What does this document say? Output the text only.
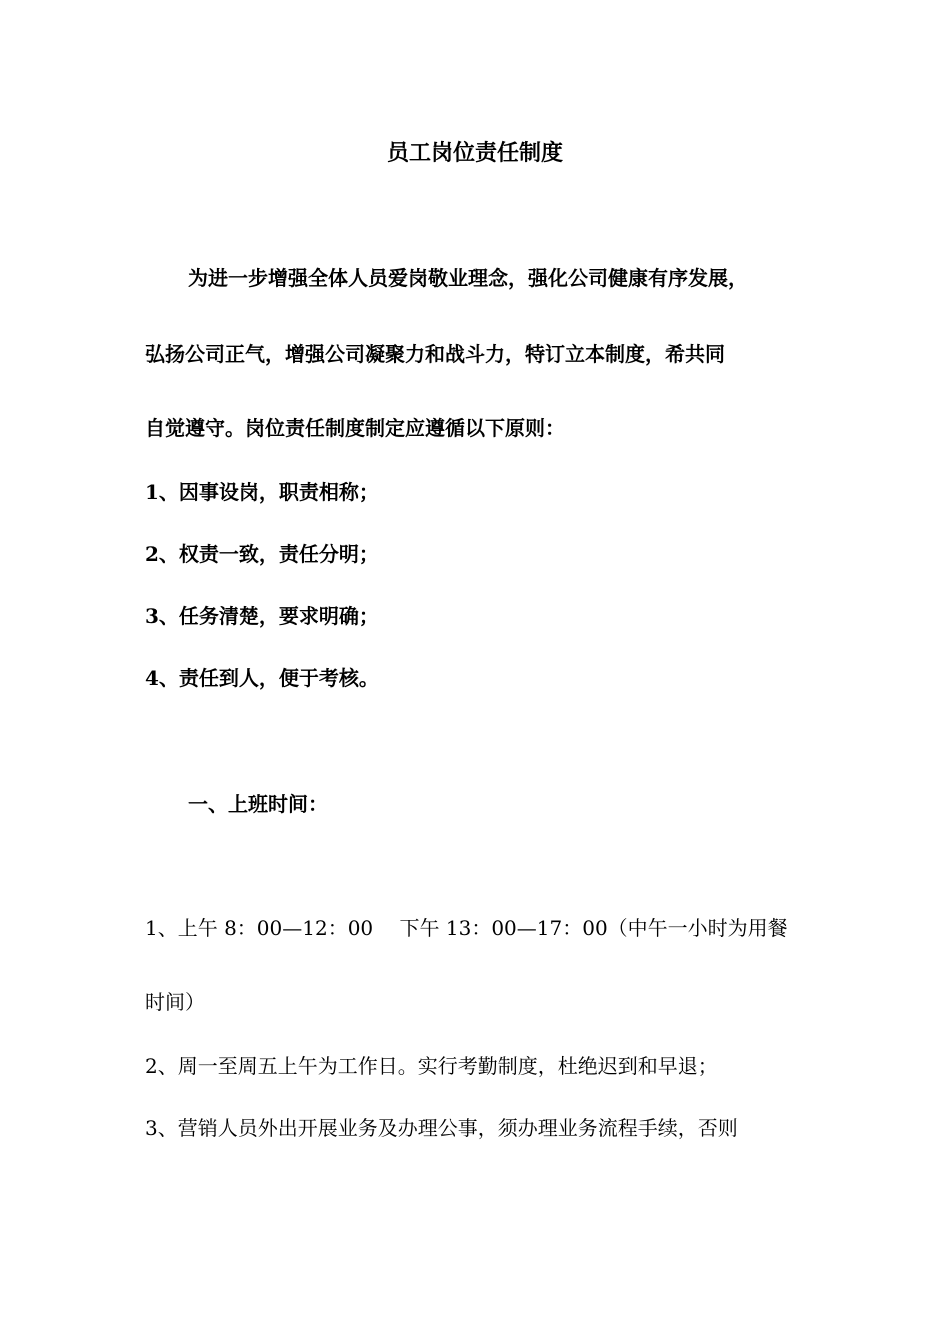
员工岗位责任制度
为进一步增强全体人员爱岗敬业理念，强化公司健康有序发展，
弘扬公司正气，增强公司凝聚力和战斗力，特订立本制度，希共同
自觉遵守。岗位责任制度制定应遵循以下原则：
1、因事设岗，职责相称；
2、权责一致，责任分明；
3、任务清楚，要求明确；
4、责任到人，便于考核。
一、上班时间：
1、上午 8：00—12：00　 下午 13：00—17：00（中午一小时为用餐
时间）
2、周一至周五上午为工作日。实行考勤制度，杜绝迟到和早退；
3、营销人员外出开展业务及办理公事，须办理业务流程手续，否则
